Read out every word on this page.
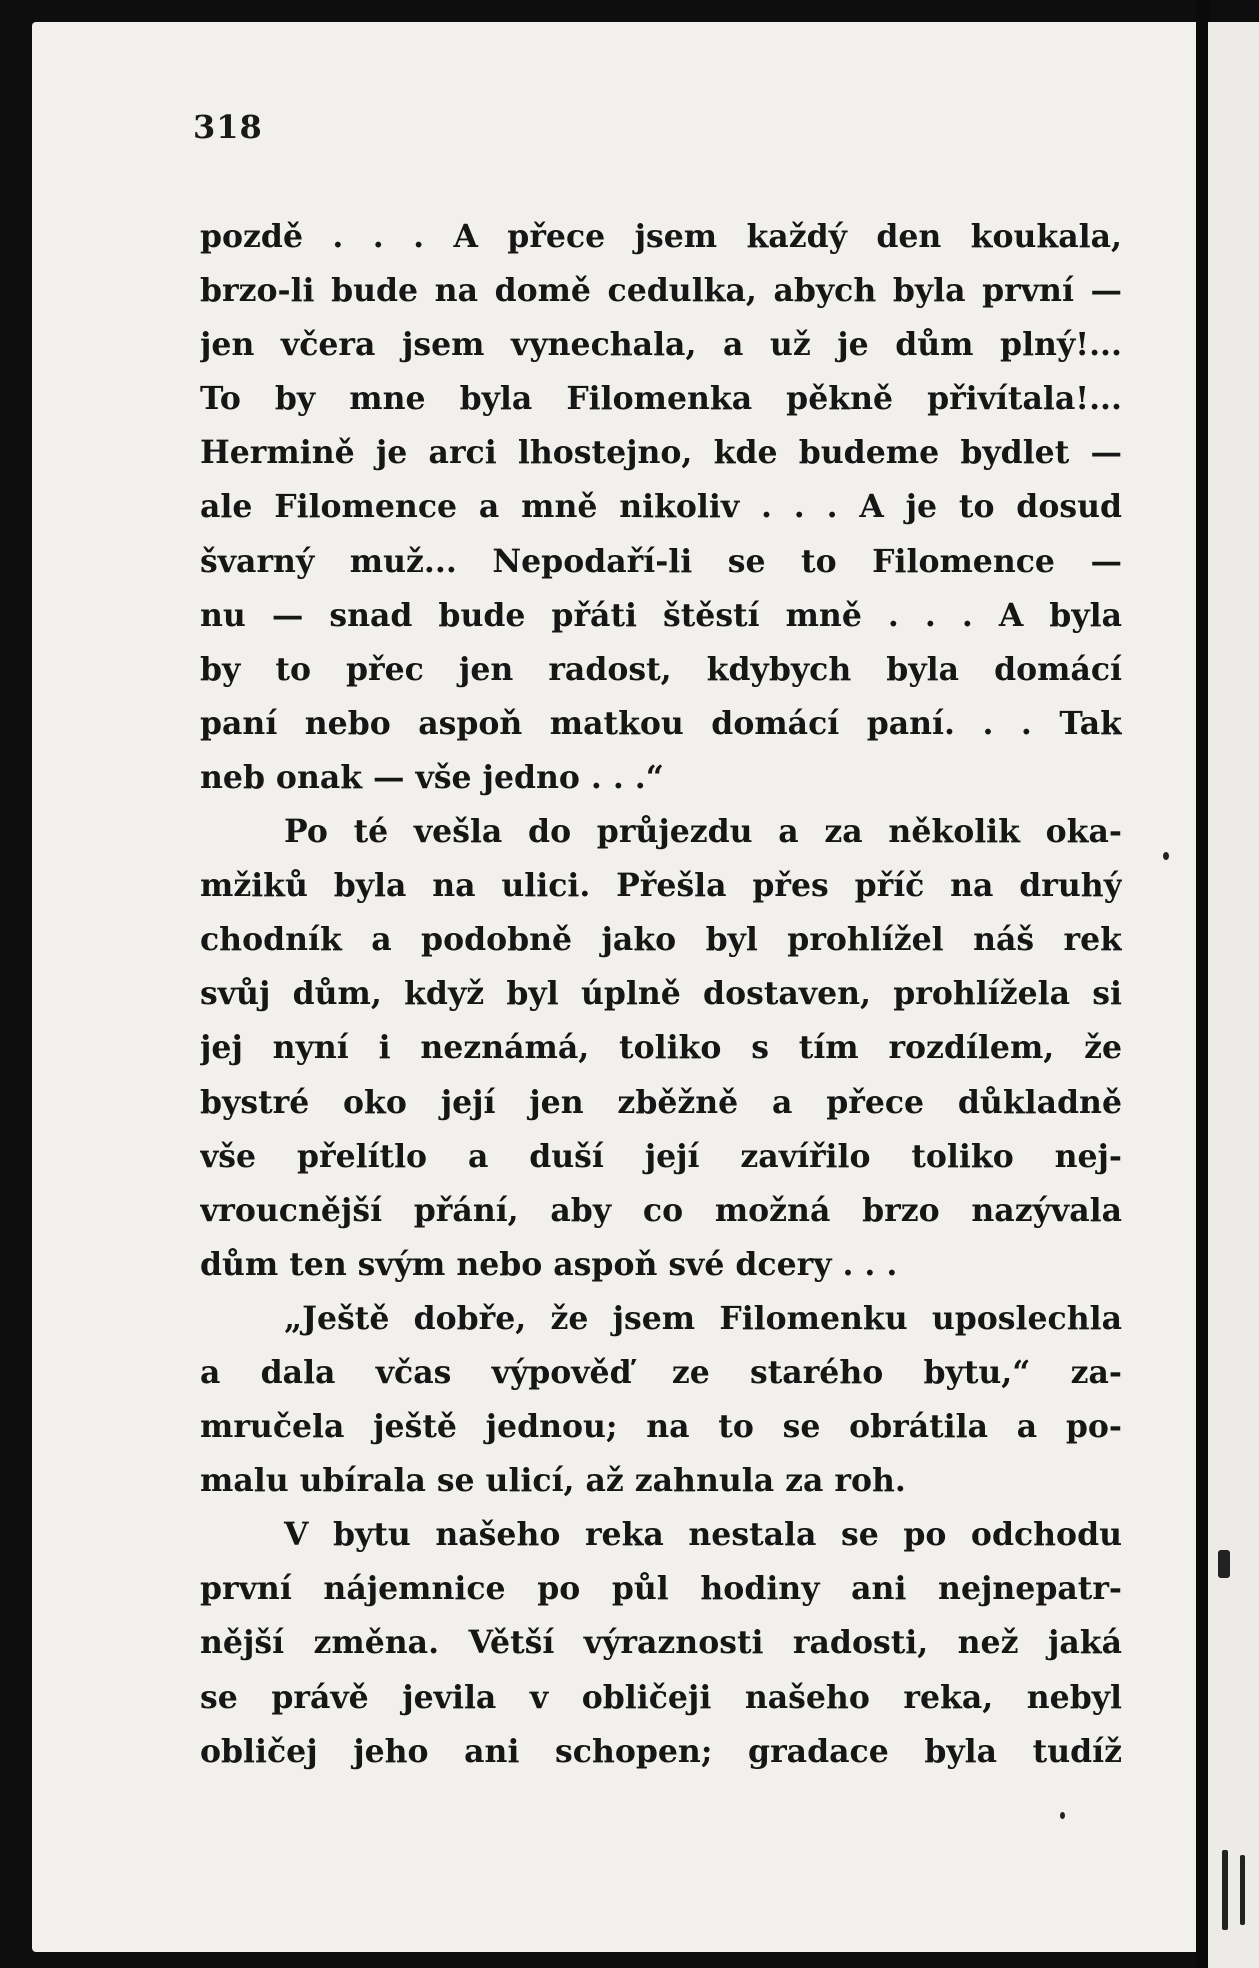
318
pozdě . . . A přece jsem každý den koukala,
brzo-li bude na domě cedulka, abych byla první —
jen včera jsem vynechala, a už je dům plný!...
To by mne byla Filomenka pěkně přivítala!...
Hermině je arci lhostejno, kde budeme bydlet —
ale Filomence a mně nikoliv . . . A je to dosud
švarný muž... Nepodaří-li se to Filomence —
nu — snad bude přáti štěstí mně . . . A byla
by to přec jen radost, kdybych byla domácí
paní nebo aspoň matkou domácí paní. . . Tak
neb onak — vše jedno . . .“
Po té vešla do průjezdu a za několik oka-
mžiků byla na ulici. Přešla přes příč na druhý
chodník a podobně jako byl prohlížel náš rek
svůj dům, když byl úplně dostaven, prohlížela si
jej nyní i neznámá, toliko s tím rozdílem, že
bystré oko její jen zběžně a přece důkladně
vše přelítlo a duší její zavířilo toliko nej-
vroucnější přání, aby co možná brzo nazývala
dům ten svým nebo aspoň své dcery . . .
„Ještě dobře, že jsem Filomenku uposlechla
a dala včas výpověď ze starého bytu,“ za-
mručela ještě jednou; na to se obrátila a po-
malu ubírala se ulicí, až zahnula za roh.
V bytu našeho reka nestala se po odchodu
první nájemnice po půl hodiny ani nejnepatr-
nější změna. Větší výraznosti radosti, než jaká
se právě jevila v obličeji našeho reka, nebyl
obličej jeho ani schopen; gradace byla tudíž
